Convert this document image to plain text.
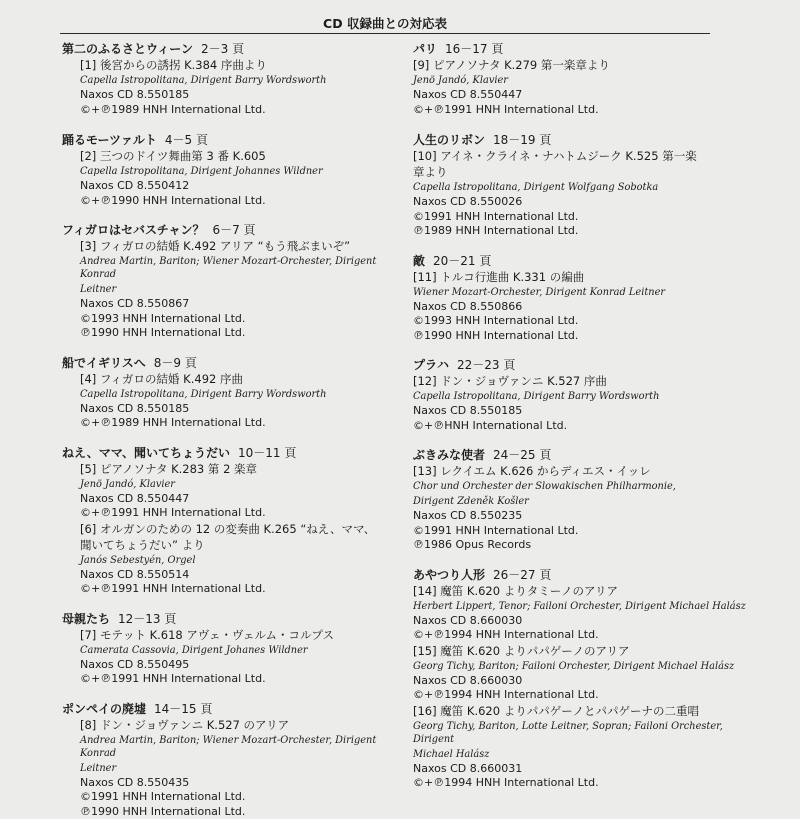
CD 収録曲との対応表
第二のふるさとウィーン 2－3 頁
[1] 後宮からの誘拐 K.384 序曲より
Capella Istropolitana, Dirigent Barry Wordsworth
Naxos CD 8.550185
©+℗1989 HNH International Ltd.
踊るモーツァルト 4－5 頁
[2] 三つのドイツ舞曲第 3 番 K.605
Capella Istropolitana, Dirigent Johannes Wildner
Naxos CD 8.550412
©+℗1990 HNH International Ltd.
フィガロはセバスチャン？ 6－7 頁
[3] フィガロの結婚 K.492 アリア “もう飛ぶまいぞ”
Andrea Martin, Bariton; Wiener Mozart-Orchester, Dirigent Konrad
Leitner
Naxos CD 8.550867
©1993 HNH International Ltd.
℗1990 HNH International Ltd.
船でイギリスへ 8－9 頁
[4] フィガロの結婚 K.492 序曲
Capella Istropolitana, Dirigent Barry Wordsworth
Naxos CD 8.550185
©+℗1989 HNH International Ltd.
ねえ、ママ、聞いてちょうだい 10－11 頁
[5] ピアノソナタ K.283 第 2 楽章
Jenö Jandó, Klavier
Naxos CD 8.550447
©+℗1991 HNH International Ltd.
[6] オルガンのための 12 の変奏曲 K.265 “ねえ、ママ、
聞いてちょうだい” より
Janós Sebestyén, Orgel
Naxos CD 8.550514
©+℗1991 HNH International Ltd.
母親たち 12－13 頁
[7] モテット K.618 アヴェ・ヴェルム・コルプス
Camerata Cassovia, Dirigent Johanes Wildner
Naxos CD 8.550495
©+℗1991 HNH International Ltd.
ポンペイの廃墟 14－15 頁
[8] ドン・ジョヴァンニ K.527 のアリア
Andrea Martin, Bariton; Wiener Mozart-Orchester, Dirigent Konrad
Leitner
Naxos CD 8.550435
©1991 HNH International Ltd.
℗1990 HNH International Ltd.
パリ 16－17 頁
[9] ピアノソナタ K.279 第一楽章より
Jenö Jandó, Klavier
Naxos CD 8.550447
©+℗1991 HNH International Ltd.
人生のリボン 18－19 頁
[10] アイネ・クライネ・ナハトムジーク K.525 第一楽
章より
Capella Istropolitana, Dirigent Wolfgang Sobotka
Naxos CD 8.550026
©1991 HNH International Ltd.
℗1989 HNH International Ltd.
敵 20－21 頁
[11] トルコ行進曲 K.331 の編曲
Wiener Mozart-Orchester, Dirigent Konrad Leitner
Naxos CD 8.550866
©1993 HNH International Ltd.
℗1990 HNH International Ltd.
プラハ 22－23 頁
[12] ドン・ジョヴァンニ K.527 序曲
Capella Istropolitana, Dirigent Barry Wordsworth
Naxos CD 8.550185
©+℗HNH International Ltd.
ぶきみな使者 24－25 頁
[13] レクイエム K.626 からディエス・イッレ
Chor und Orchester der Slowakischen Philharmonie,
Dirigent Zdeněk Košler
Naxos CD 8.550235
©1991 HNH International Ltd.
℗1986 Opus Records
あやつり人形 26－27 頁
[14] 魔笛 K.620 よりタミーノのアリア
Herbert Lippert, Tenor; Failoni Orchester, Dirigent Michael Halász
Naxos CD 8.660030
©+℗1994 HNH International Ltd.
[15] 魔笛 K.620 よりパパゲーノのアリア
Georg Tichy, Bariton; Failoni Orchester, Dirigent Michael Halász
Naxos CD 8.660030
©+℗1994 HNH International Ltd.
[16] 魔笛 K.620 よりパパゲーノとパパゲーナの二重唱
Georg Tichy, Bariton, Lotte Leitner, Sopran; Failoni Orchester, Dirigent
Michael Halász
Naxos CD 8.660031
©+℗1994 HNH International Ltd.
